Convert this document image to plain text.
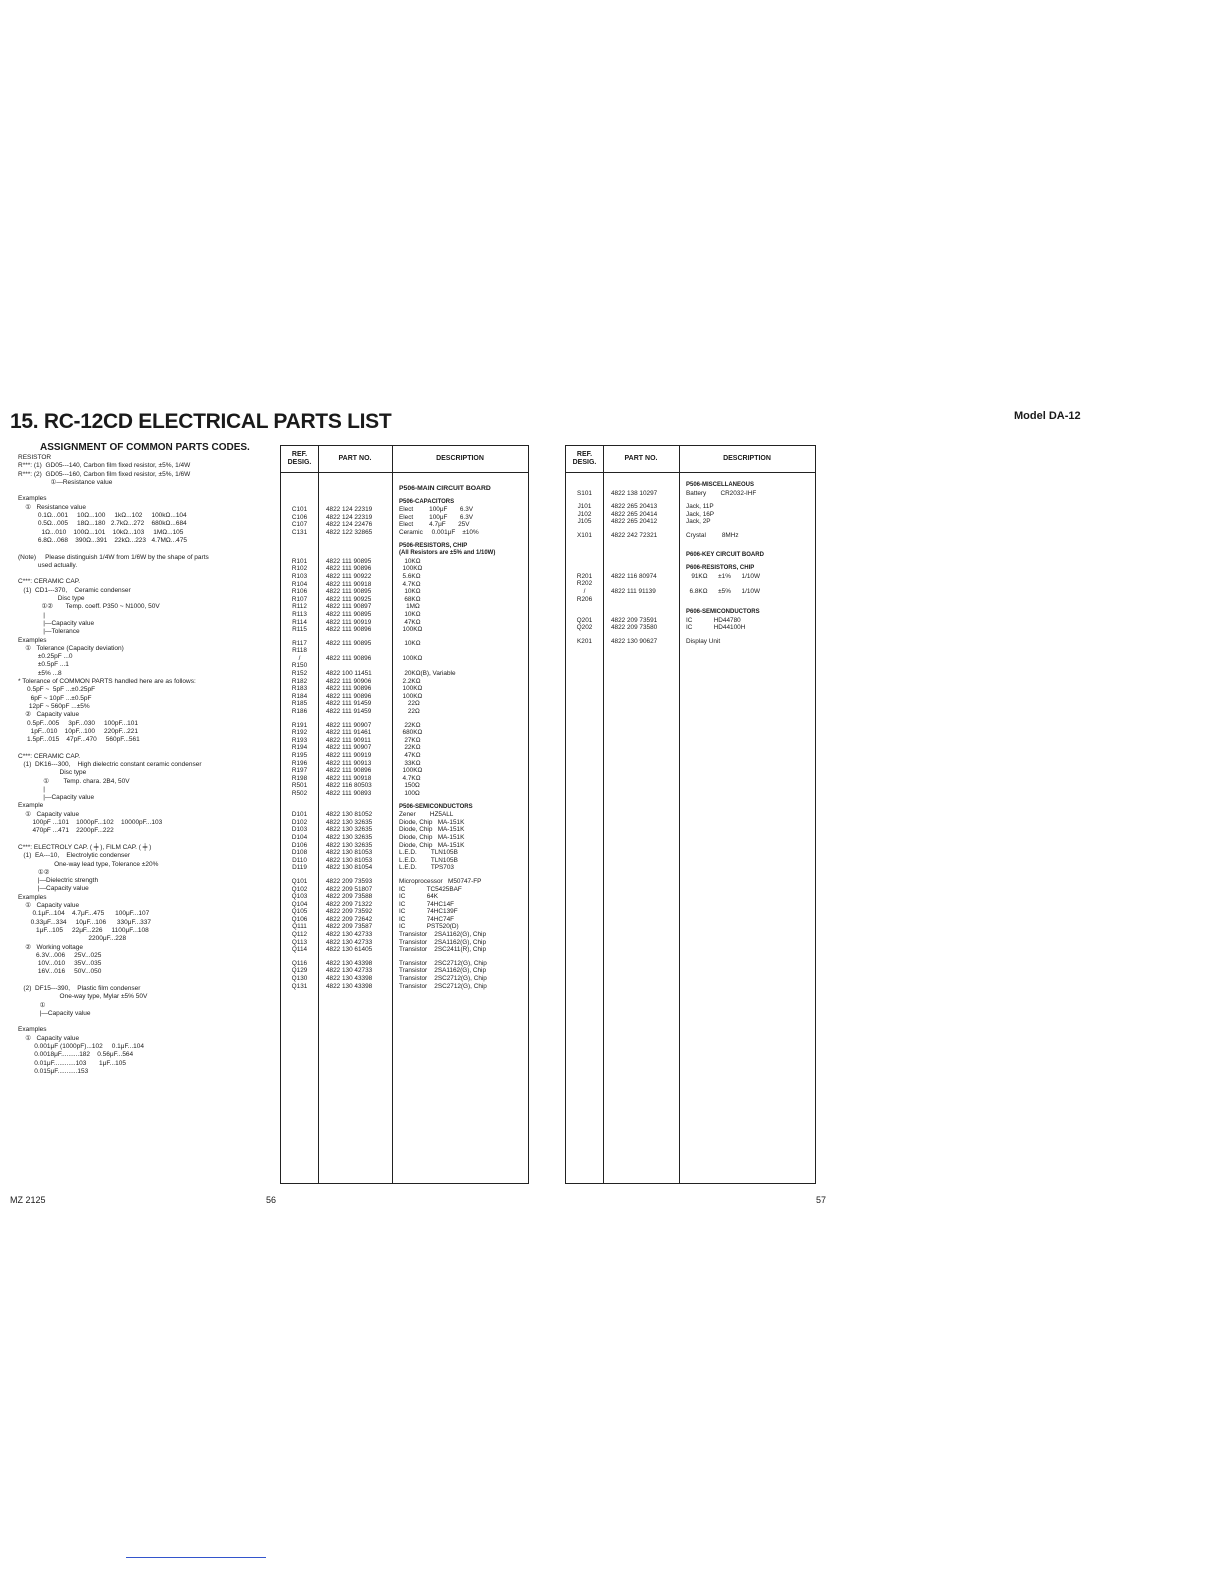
15. RC-12CD ELECTRICAL PARTS LIST	Model DA-12
ASSIGNMENT OF COMMON PARTS CODES.
RESISTOR
R***: (1)  GD05---140, Carbon film fixed resistor, ±5%, 1/4W
R***: (2)  GD05---160, Carbon film fixed resistor, ±5%, 1/6W
①—Resistance value

Examples
①   Resistance value
0.1Ω...001     10Ω...100     1kΩ...102     100kΩ...104
0.5Ω...005     18Ω...180   2.7kΩ...272    680kΩ...684
1Ω...010    100Ω...101    10kΩ...103     1MΩ...105
6.8Ω...068    390Ω...391    22kΩ...223   4.7MΩ...475

(Note)     Please distinguish 1/4W from 1/6W by the shape of parts
used actually.

C***: CERAMIC CAP.
(1)  CD1---370,    Ceramic condenser
Disc type
①②       Temp. coeff. P350 ~ N1000, 50V
|
|—Capacity value
|—Tolerance
Examples
①   Tolerance (Capacity deviation)
±0.25pF ...0
±0.5pF ...1
±5% ...8
* Tolerance of COMMON PARTS handled here are as follows:
0.5pF ~  5pF ...±0.25pF
6pF ~ 10pF ...±0.5pF
12pF ~ 560pF ...±5%
②   Capacity value
0.5pF...005     3pF...030     100pF...101
1pF...010    10pF...100     220pF...221
1.5pF...015    47pF...470     560pF...561

C***: CERAMIC CAP.
(1)  DK16---300,    High dielectric constant ceramic condenser
Disc type
①        Temp. chara. 2B4, 50V
|
|—Capacity value
Example
①   Capacity value
100pF ...101    1000pF...102    10000pF...103
470pF ...471    2200pF...222

C***: ELECTROLY CAP. ( ╪ ), FILM CAP. ( ╪ )
(1)  EA---10,    Electrolytic condenser
One-way lead type, Tolerance ±20%
①②
|—Dielectric strength
|—Capacity value
Examples
①   Capacity value
0.1μF...104    4.7μF...475      100μF...107
0.33μF...334     10μF...106      330μF...337
1μF...105     22μF...226     1100μF...108
2200μF...228
②   Working voltage
6.3V...006     25V...025
10V...010     35V...035
16V...016     50V...050

(2)  DF15---390,    Plastic film condenser
One-way type, Mylar ±5% 50V
①
|—Capacity value

Examples
①   Capacity value
0.001μF (1000pF)...102     0.1μF...104
0.0018μF..........182    0.56μF...564
0.01μF............103       1μF...105
0.015μF...........153
REF. DESIG.
PART NO.	DESCRIPTION
P506-MAIN CIRCUIT BOARD
P506-CAPACITORS
C101	4822 124 22319	Elect         100μF       6.3V
C106	4822 124 22319	Elect         100μF       6.3V
C107	4822 124 22476	Elect         4.7μF       25V
C131	4822 122 32865	Ceramic     0.001μF    ±10%
P506-RESISTORS, CHIP
(All Resistors are ±5% and 1/10W)
R101	4822 111 90895	10KΩ
R102	4822 111 90896	100KΩ
R103	4822 111 90922	5.6KΩ
R104	4822 111 90918	4.7KΩ
R106	4822 111 90895	10KΩ
R107	4822 111 90925	68KΩ
R112	4822 111 90897	1MΩ
R113	4822 111 90895	10KΩ
R114	4822 111 90919	47KΩ
R115	4822 111 90896	100KΩ
R117	4822 111 90895	10KΩ
R118
/	4822 111 90896	100KΩ
R150
R152	4822 100 11451	20KΩ(B), Variable
R182	4822 111 90906	2.2KΩ
R183	4822 111 90896	100KΩ
R184	4822 111 90896	100KΩ
R185	4822 111 91459	22Ω
R186	4822 111 91459	22Ω
R191	4822 111 90907	22KΩ
R192	4822 111 91461	680KΩ
R193	4822 111 90911	27KΩ
R194	4822 111 90907	22KΩ
R195	4822 111 90919	47KΩ
R196	4822 111 90913	33KΩ
R197	4822 111 90896	100KΩ
R198	4822 111 90918	4.7KΩ
R501	4822 116 80503	150Ω
R502	4822 111 90893	100Ω
P506-SEMICONDUCTORS
D101	4822 130 81052	Zener        HZ5ALL
D102	4822 130 32635	Diode, Chip   MA-151K
D103	4822 130 32635	Diode, Chip   MA-151K
D104	4822 130 32635	Diode, Chip   MA-151K
D106	4822 130 32635	Diode, Chip   MA-151K
D108	4822 130 81053	L.E.D.        TLN105B
D110	4822 130 81053	L.E.D.        TLN105B
D119	4822 130 81054	L.E.D.        TPS703
Q101	4822 209 73593	Microprocessor   M50747-FP
Q102	4822 209 51807	IC            TC5425BAF
Q103	4822 209 73588	IC            64K
Q104	4822 209 71322	IC            74HC14F
Q105	4822 209 73592	IC            74HC139F
Q106	4822 209 72642	IC            74HC74F
Q111	4822 209 73587	IC            PST520(D)
Q112	4822 130 42733	Transistor    2SA1162(G), Chip
Q113	4822 130 42733	Transistor    2SA1162(G), Chip
Q114	4822 130 61405	Transistor    2SC2411(R), Chip
Q116	4822 130 43398	Transistor    2SC2712(G), Chip
Q129	4822 130 42733	Transistor    2SA1162(G), Chip
Q130	4822 130 43398	Transistor    2SC2712(G), Chip
Q131	4822 130 43398	Transistor    2SC2712(G), Chip
REF. DESIG.
PART NO.	DESCRIPTION
P506-MISCELLANEOUS
S101	4822 138 10297	Battery        CR2032-IHF
J101	4822 265 20413	Jack, 11P
J102	4822 265 20414	Jack, 16P
J105	4822 265 20412	Jack, 2P
X101	4822 242 72321	Crystal         8MHz
P606-KEY CIRCUIT BOARD
P606-RESISTORS, CHIP
R201	4822 116 80974	91KΩ      ±1%      1/10W
R202
/	4822 111 91139	6.8KΩ      ±5%      1/10W
R206
P606-SEMICONDUCTORS
Q201	4822 209 73591	IC            HD44780
Q202	4822 209 73580	IC            HD44100H
K201	4822 130 90627	Display Unit
MZ 2125	56	57
